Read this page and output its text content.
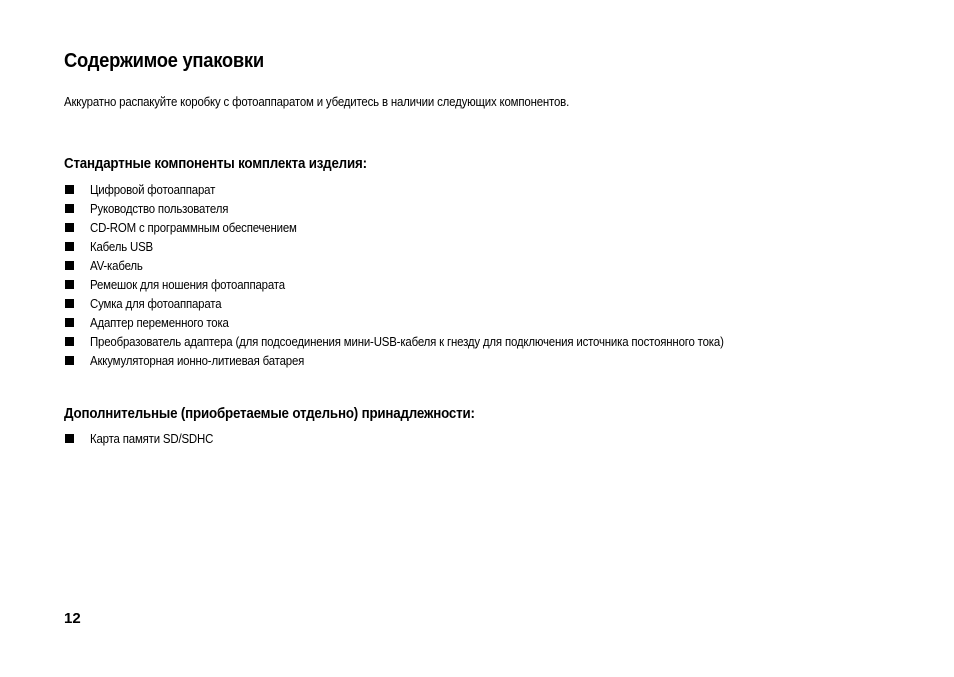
Содержимое упаковки

Аккуратно распакуйте коробку с фотоаппаратом и убедитесь в наличии следующих компонентов.

Стандартные компоненты комплекта изделия:
Цифровой фотоаппарат
Руководство пользователя
CD-ROM с программным обеспечением
Кабель USB
AV-кабель
Ремешок для ношения фотоаппарата
Сумка для фотоаппарата
Адаптер переменного тока
Преобразователь адаптера (для подсоединения мини-USB-кабеля к гнезду для подключения источника постоянного тока)
Аккумуляторная ионно-литиевая батарея
Дополнительные (приобретаемые отдельно) принадлежности:
Карта памяти SD/SDHC

12
